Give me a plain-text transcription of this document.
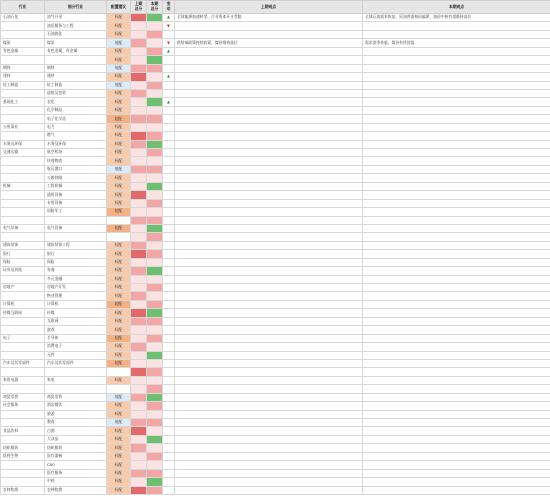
行业	细分行业	配置建议	上期总分	本期总分	变动	上期观点	本期观点
石油石化	油气开采	标配			▲	全球能源加速转型，行业资本开支受限	全球石油需求恢复，原油供需格局偏紧，油价中枢有望维持高位
	油田服务与工程	标配			▼		
	石油炼化	标配					
煤炭	煤炭	低配			▼	供给端政策持续收紧，煤价维持高位	需求淡季来临，煤价有所回落
有色金属	有色金属、贵金属	标配			▲		
		标配					
钢铁	钢铁	低配					
建材	建材	标配			▲		
轻工制造	轻工制造	低配					
	造纸及包装	标配					
基础化工	农化	标配			▲		
	化学制品	标配					
	电子化学品	超配					
公用事业	电力	标配					
	燃气	标配					
水务及环保	水务及环保	标配					
交通运输	航空机场	标配					
	快递物流	标配					
	航运港口	低配					
	公路铁路	标配					
机械	工程机械	标配					
	通用设备	标配					
	专用设备	标配					
	国防军工	超配					

电气设备	电气设备	超配					

建筑装饰	建筑装饰工程	标配					
银行	银行	标配					
保险	保险	标配					
证券及其他	券商	标配					
	多元金融	标配					
房地产	房地产开发	标配					
	物业管理	标配					
计算机	计算机	超配					
传媒互联网	传媒	标配					
	互联网	标配					
	游戏	标配					
电子	半导体	超配					
	消费电子	标配					
	元件	标配					
汽车及其零部件	汽车及其零部件	超配					

家用电器	家电	标配					

商贸零售	商贸零售	低配					
社会服务	酒店餐饮	标配					
	旅游	标配					
	教育	低配					
食品饮料	白酒	标配					
	大众品	标配					
纺织服装	纺织服装	标配					
医药生物	医疗器械	标配					
	CXO	标配					
	医疗服务	标配					
	中药	标配					
农林牧渔	农林牧渔	标配					
